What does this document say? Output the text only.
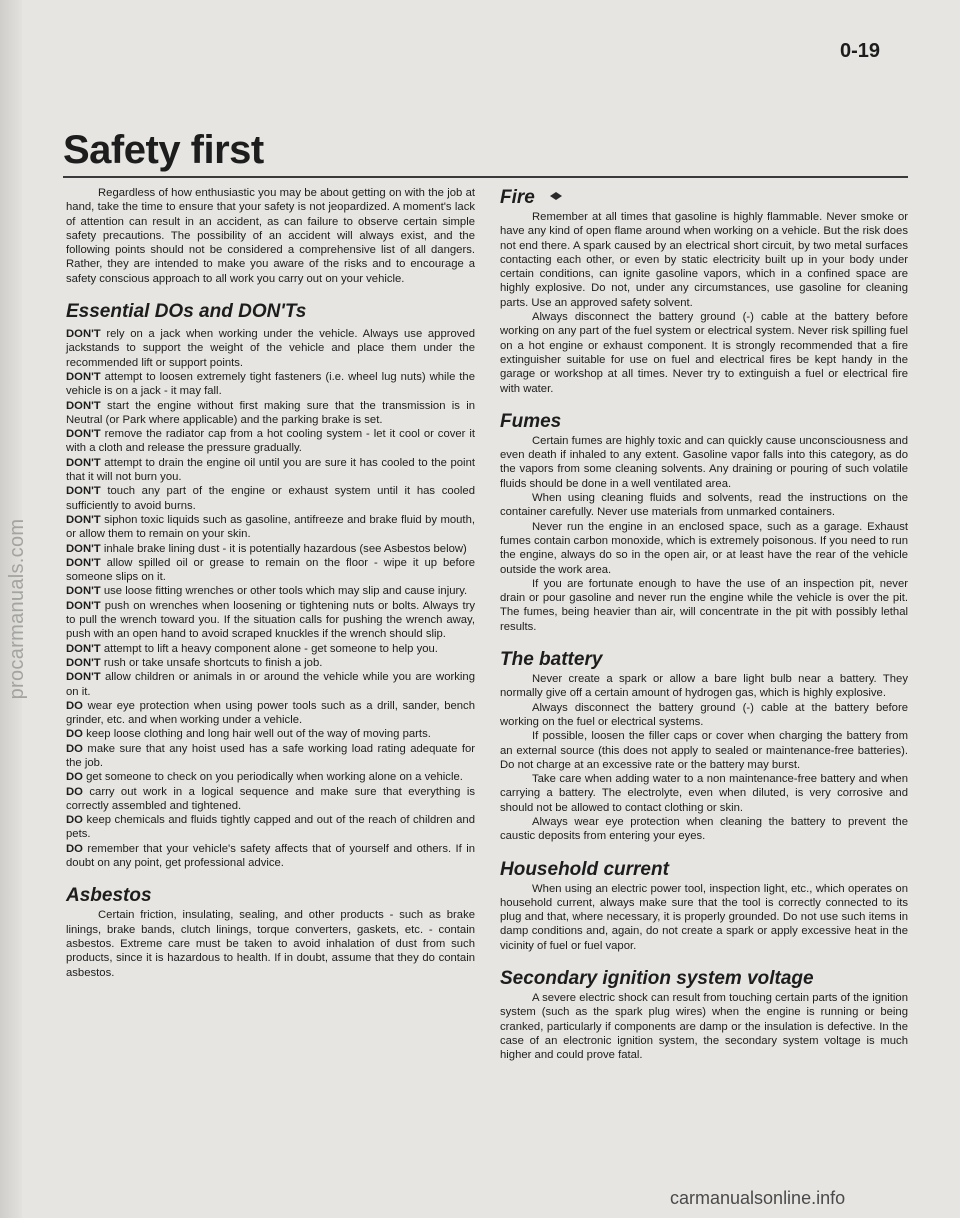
procarmanuals.com
0-19
Safety first

Regardless of how enthusiastic you may be about getting on with the job at hand, take the time to ensure that your safety is not jeopardized. A moment's lack of attention can result in an accident, as can failure to observe certain simple safety precautions. The possibility of an accident will always exist, and the following points should not be considered a comprehensive list of all dangers. Rather, they are intended to make you aware of the risks and to encourage a safety conscious approach to all work you carry out on your vehicle.

Essential DOs and DON'Ts

DON'T rely on a jack when working under the vehicle. Always use approved jackstands to support the weight of the vehicle and place them under the recommended lift or support points.

DON'T attempt to loosen extremely tight fasteners (i.e. wheel lug nuts) while the vehicle is on a jack - it may fall.

DON'T start the engine without first making sure that the transmission is in Neutral (or Park where applicable) and the parking brake is set.

DON'T remove the radiator cap from a hot cooling system - let it cool or cover it with a cloth and release the pressure gradually.

DON'T attempt to drain the engine oil until you are sure it has cooled to the point that it will not burn you.

DON'T touch any part of the engine or exhaust system until it has cooled sufficiently to avoid burns.

DON'T siphon toxic liquids such as gasoline, antifreeze and brake fluid by mouth, or allow them to remain on your skin.

DON'T inhale brake lining dust - it is potentially hazardous (see Asbestos below)

DON'T allow spilled oil or grease to remain on the floor - wipe it up before someone slips on it.

DON'T use loose fitting wrenches or other tools which may slip and cause injury.

DON'T push on wrenches when loosening or tightening nuts or bolts. Always try to pull the wrench toward you. If the situation calls for pushing the wrench away, push with an open hand to avoid scraped knuckles if the wrench should slip.

DON'T attempt to lift a heavy component alone - get someone to help you.

DON'T rush or take unsafe shortcuts to finish a job.

DON'T allow children or animals in or around the vehicle while you are working on it.

DO wear eye protection when using power tools such as a drill, sander, bench grinder, etc. and when working under a vehicle.

DO keep loose clothing and long hair well out of the way of moving parts.

DO make sure that any hoist used has a safe working load rating adequate for the job.

DO get someone to check on you periodically when working alone on a vehicle.

DO carry out work in a logical sequence and make sure that everything is correctly assembled and tightened.

DO keep chemicals and fluids tightly capped and out of the reach of children and pets.

DO remember that your vehicle's safety affects that of yourself and others. If in doubt on any point, get professional advice.

Asbestos

Certain friction, insulating, sealing, and other products - such as brake linings, brake bands, clutch linings, torque converters, gaskets, etc. - contain asbestos. Extreme care must be taken to avoid inhalation of dust from such products, since it is hazardous to health. If in doubt, assume that they do contain asbestos.

Fire

Remember at all times that gasoline is highly flammable. Never smoke or have any kind of open flame around when working on a vehicle. But the risk does not end there. A spark caused by an electrical short circuit, by two metal surfaces contacting each other, or even by static electricity built up in your body under certain conditions, can ignite gasoline vapors, which in a confined space are highly explosive. Do not, under any circumstances, use gasoline for cleaning parts. Use an approved safety solvent.

Always disconnect the battery ground (-) cable at the battery before working on any part of the fuel system or electrical system. Never risk spilling fuel on a hot engine or exhaust component. It is strongly recommended that a fire extinguisher suitable for use on fuel and electrical fires be kept handy in the garage or workshop at all times. Never try to extinguish a fuel or electrical fire with water.

Fumes

Certain fumes are highly toxic and can quickly cause unconsciousness and even death if inhaled to any extent. Gasoline vapor falls into this category, as do the vapors from some cleaning solvents. Any draining or pouring of such volatile fluids should be done in a well ventilated area.

When using cleaning fluids and solvents, read the instructions on the container carefully. Never use materials from unmarked containers.

Never run the engine in an enclosed space, such as a garage. Exhaust fumes contain carbon monoxide, which is extremely poisonous. If you need to run the engine, always do so in the open air, or at least have the rear of the vehicle outside the work area.

If you are fortunate enough to have the use of an inspection pit, never drain or pour gasoline and never run the engine while the vehicle is over the pit. The fumes, being heavier than air, will concentrate in the pit with possibly lethal results.

The battery

Never create a spark or allow a bare light bulb near a battery. They normally give off a certain amount of hydrogen gas, which is highly explosive.

Always disconnect the battery ground (-) cable at the battery before working on the fuel or electrical systems.

If possible, loosen the filler caps or cover when charging the battery from an external source (this does not apply to sealed or maintenance-free batteries). Do not charge at an excessive rate or the battery may burst.

Take care when adding water to a non maintenance-free battery and when carrying a battery. The electrolyte, even when diluted, is very corrosive and should not be allowed to contact clothing or skin.

Always wear eye protection when cleaning the battery to prevent the caustic deposits from entering your eyes.

Household current

When using an electric power tool, inspection light, etc., which operates on household current, always make sure that the tool is correctly connected to its plug and that, where necessary, it is properly grounded. Do not use such items in damp conditions and, again, do not create a spark or apply excessive heat in the vicinity of fuel or fuel vapor.

Secondary ignition system voltage

A severe electric shock can result from touching certain parts of the ignition system (such as the spark plug wires) when the engine is running or being cranked, particularly if components are damp or the insulation is defective. In the case of an electronic ignition system, the secondary system voltage is much higher and could prove fatal.

carmanualsonline.info
